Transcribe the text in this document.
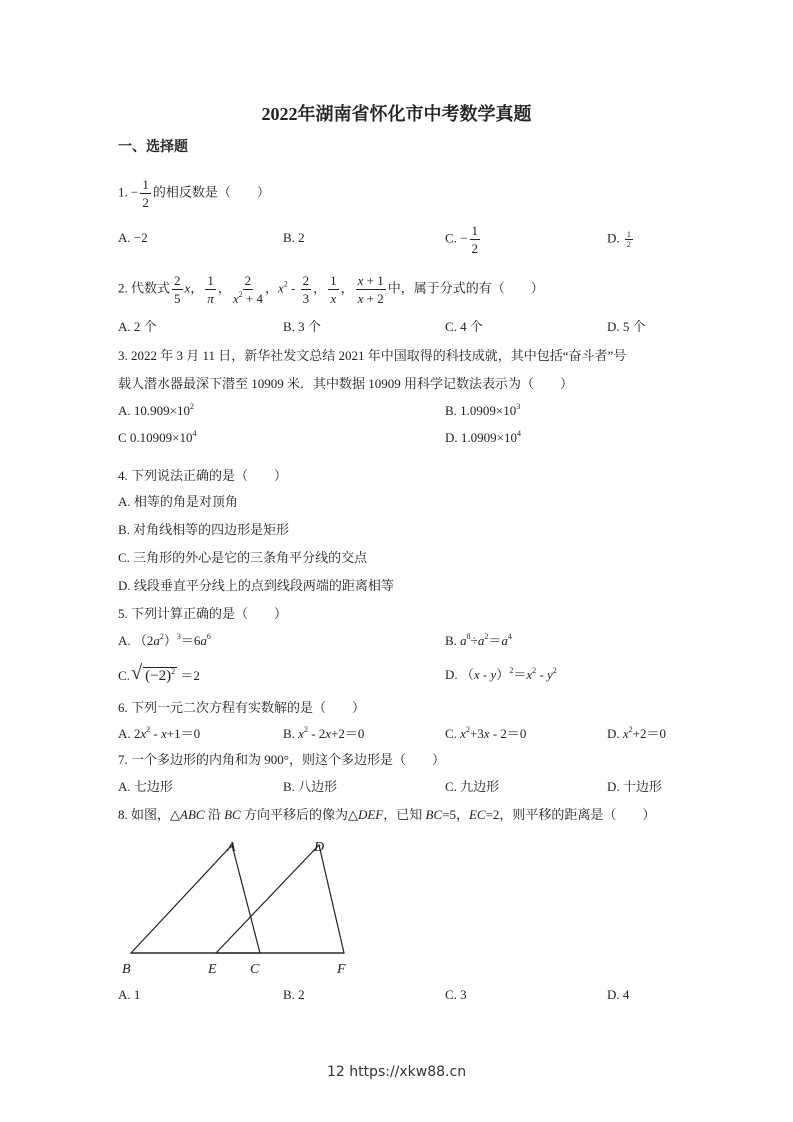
2022年湖南省怀化市中考数学真题
一、选择题
1. − $\frac{1}{2}$ 的相反数是（　　）
A. −2	B. 2	C. − $\frac{1}{2}$	D. $\frac{1}{2}$
2. 代数式 $\frac{2}{5}$ x， $\frac{1}{\pi}$ ， $\frac{2}{x^2 + 4}$ ，$x^2 - \frac{2}{3}$ ， $\frac{1}{x}$ ， $\frac{x + 1}{x + 2}$ 中，属于分式的有（　　）
A. 2 个	B. 3 个	C. 4 个	D. 5 个
3. 2022 年 3 月 11 日，新华社发文总结 2021 年中国取得的科技成就，其中包括“奋斗者”号
载人潜水器最深下潜至 10909 米．其中数据 10909 用科学记数法表示为（　　）
A. $10.909\times 10^2$	B. $1.0909\times 10^3$
C $0.10909\times 10^4$	D. $1.0909\times 10^4$
4. 下列说法正确的是（　　）
A. 相等的角是对顶角
B. 对角线相等的四边形是矩形
C. 三角形的外心是它的三条角平分线的交点
D. 线段垂直平分线上的点到线段两端的距离相等
5. 下列计算正确的是（　　）
A. $(2a^2)^3=6a^6$	B. $a^8\div a^2=a^4$
C. √ $(-2)^2 =2$	D. $(x - y)^2=x^2 - y^2$
6. 下列一元二次方程有实数解的是（　　）
A. $2x^2 - x+1=0$	B. $x^2 - 2x+2=0$	C. $x^2+3x - 2=0$	D. $x^2+2=0$
7. 一个多边形的内角和为 900°，则这个多边形是（　　）
A. 七边形	B. 八边形	C. 九边形	D. 十边形
8. 如图，△ABC 沿 BC 方向平移后的像为△DEF，已知 BC=5，EC=2，则平移的距离是（　　）
A	D
B	E C	F
A. 1	B. 2	C. 3	D. 4
12 https://xkw88.cn
